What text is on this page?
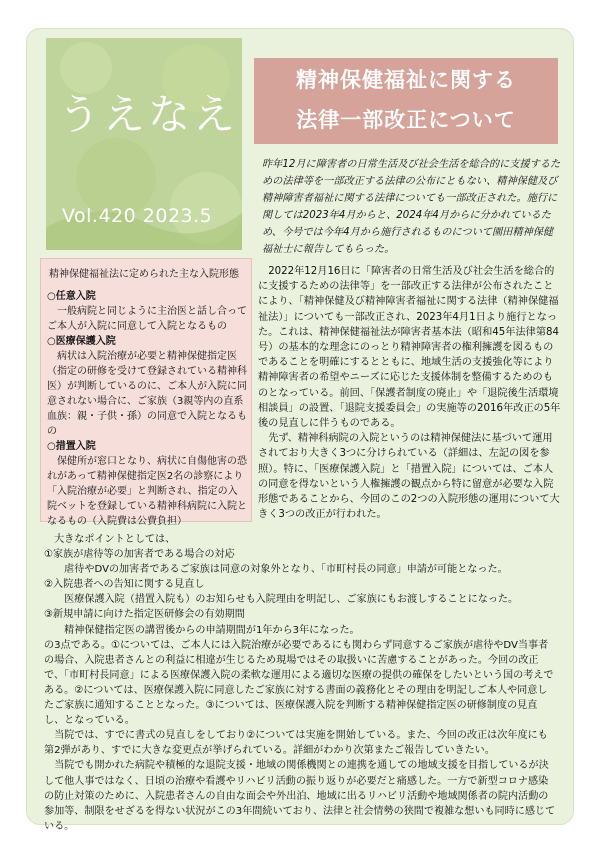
うえなえ
Vol.420 2023.5
精神保健福祉に関する
法律一部改正について
昨年12月に障害者の日常生活及び社会生活を総合的に支援するための法律等を一部改正する法律の公布にともない、精神保健及び精神障害者福祉に関する法律についても一部改正された。施行に関しては2023年4月からと、2024年4月からに分かれているため、今号では今年4月から施行されるものについて園田精神保健福祉士に報告してもらった。
精神保健福祉法に定められた主な入院形態

○任意入院

一般病院と同じように主治医と話し合ってご本人が入院に同意して入院となるもの

○医療保護入院

病状は入院治療が必要と精神保健指定医（指定の研修を受けて登録されている精神科医）が判断しているのに、ご本人が入院に同意されない場合に、ご家族（3親等内の直系血族：親・子供・孫）の同意で入院となるもの

○措置入院

保健所が窓口となり、病状に自傷他害の恐れがあって精神保健指定医2名の診察により「入院治療が必要」と判断され、指定の入院ベットを登録している精神科病院に入院となるもの（入院費は公費負担）

2022年12月16日に「障害者の日常生活及び社会生活を総合的に支援するための法律等」を一部改正する法律が公布されたことにより、「精神保健及び精神障害者福祉に関する法律（精神保健福祉法）」についても一部改正され、2023年4月1日より施行となった。これは、精神保健福祉法が障害者基本法（昭和45年法律第84号）の基本的な理念にのっとり精神障害者の権利擁護を図るものであることを明確にするとともに、地域生活の支援強化等により精神障害者の希望やニーズに応じた支援体制を整備するためのものとなっている。前回、「保護者制度の廃止」や「退院後生活環境相談員」の設置、「退院支援委員会」の実施等の2016年改正の5年後の見直しに伴うものである。

先ず、精神科病院の入院というのは精神保健法に基づいて運用されており大きく3つに分けられている（詳細は、左記の図を参照）。特に、「医療保護入院」と「措置入院」については、ご本人の同意を得ないという人権擁護の観点から特に留意が必要な入院形態であることから、今回のこの2つの入院形態の運用について大きく3つの改正が行われた。

　大きなポイントとしては、

①家族が虐待等の加害者である場合の対応

　　虐待やDVの加害者であるご家族は同意の対象外となり、「市町村長の同意」申請が可能となった。

②入院患者への告知に関する見直し

　　医療保護入院（措置入院も）のお知らせも入院理由を明記し、ご家族にもお渡しすることになった。

③新規申請に向けた指定医研修会の有効期間

　　精神保健指定医の講習後からの申請期間が1年から3年になった。

の3点である。①については、ご本人には入院治療が必要であるにも関わらず同意するご家族が虐待やDV当事者の場合、入院患者さんとの利益に相違が生じるため現場ではその取扱いに苦慮することがあった。今回の改正で、「市町村長同意」による医療保護入院の柔軟な運用による適切な医療の提供の確保をしたいという国の考えである。②については、医療保護入院に同意したご家族に対する書面の義務化とその理由を明記しご本人や同意したご家族に通知することとなった。③については、医療保護入院を判断する精神保健指定医の研修制度の見直し、となっている。

　当院では、すでに書式の見直しをしており②については実施を開始している。また、今回の改正は次年度にも第2弾があり、すでに大きな変更点が挙げられている。詳細がわかり次第またご報告していきたい。

　当院でも開かれた病院や積極的な退院支援・地域の関係機関との連携を通しての地域支援を目指しているが決して他人事ではなく、日頃の治療や看護やリハビリ活動の振り返りが必要だと痛感した。一方で新型コロナ感染の防止対策のために、入院患者さんの自由な面会や外出泊、地域に出るリハビリ活動や地域関係者の院内活動の参加等、制限をせざるを得ない状況がこの3年間続いており、法律と社会情勢の狭間で複雑な想いも同時に感じている。
